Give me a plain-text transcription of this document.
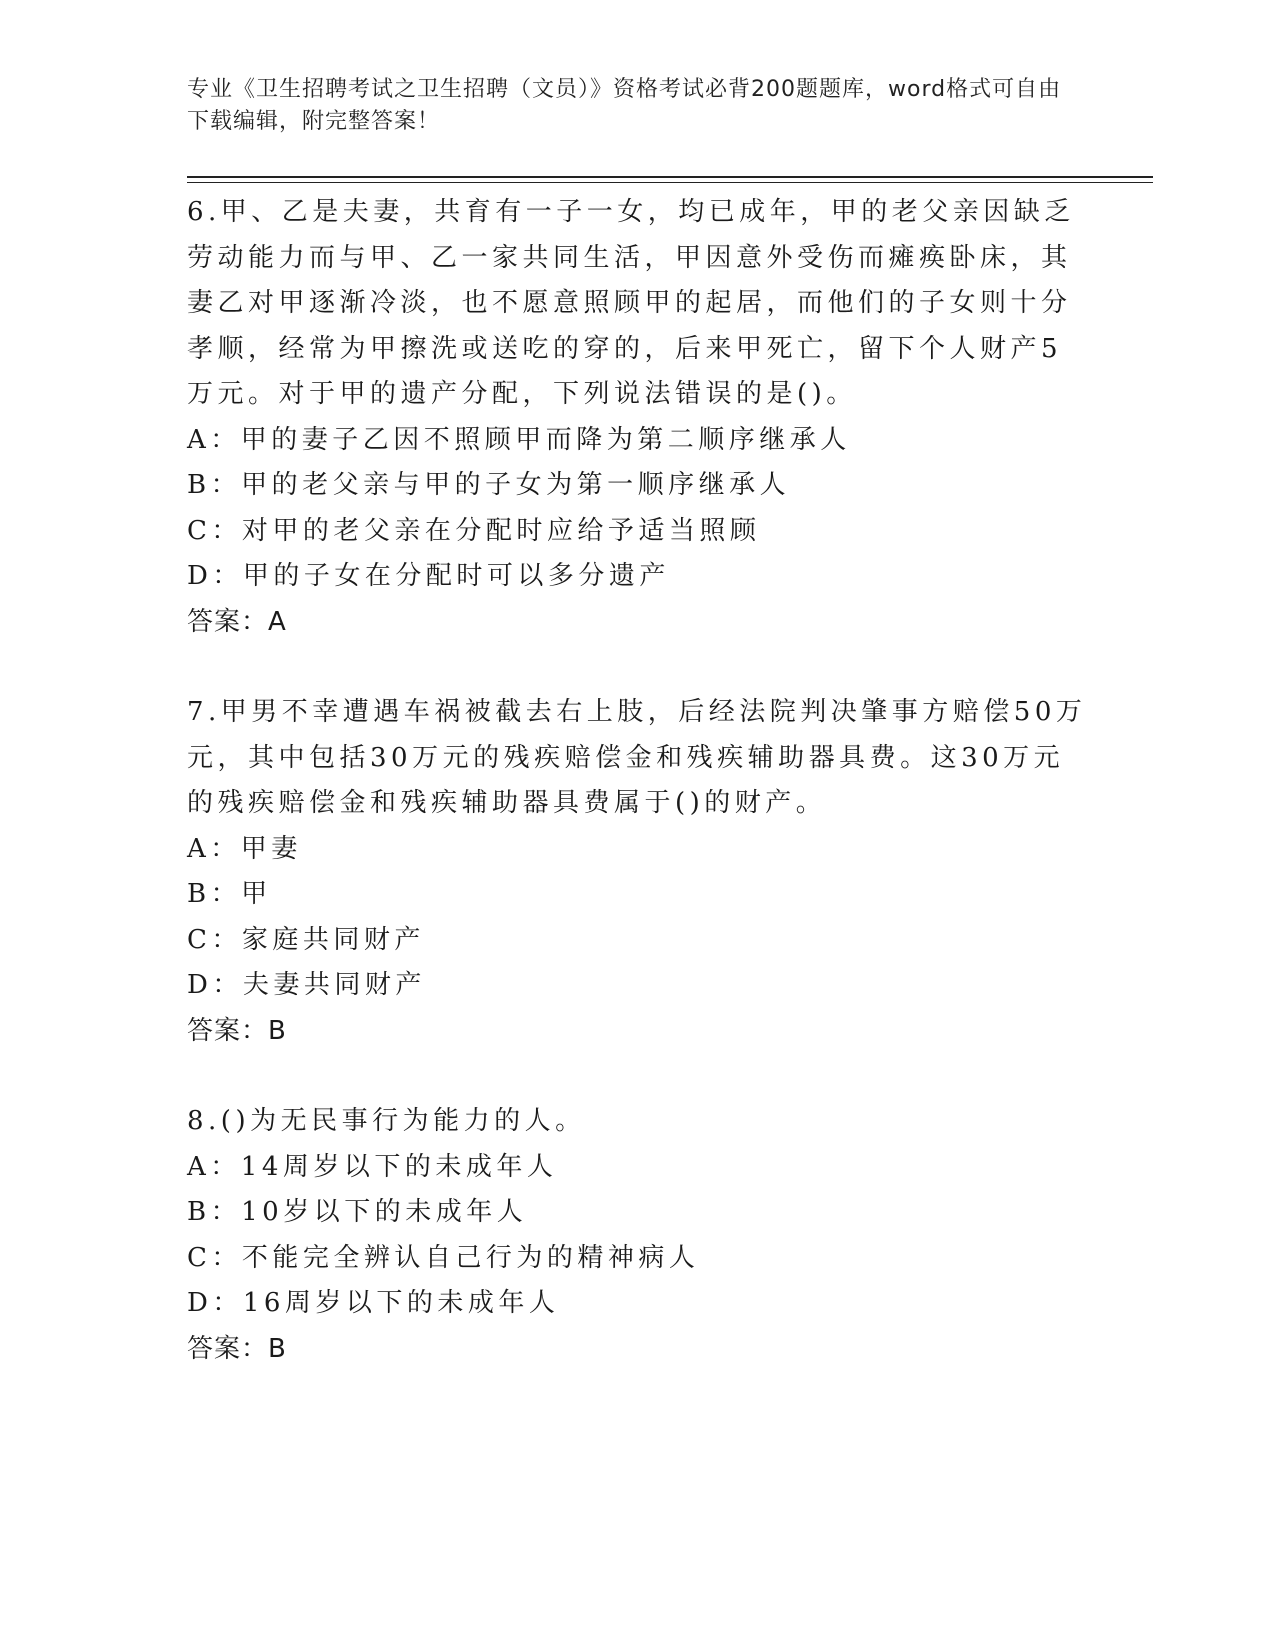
专业《卫生招聘考试之卫生招聘（文员）》资格考试必背200题题库，word格式可自由下载编辑，附完整答案！

6.甲、乙是夫妻，共育有一子一女，均已成年，甲的老父亲因缺乏劳动能力而与甲、乙一家共同生活，甲因意外受伤而瘫痪卧床，其妻乙对甲逐渐冷淡，也不愿意照顾甲的起居，而他们的子女则十分孝顺，经常为甲擦洗或送吃的穿的，后来甲死亡，留下个人财产5万元。对于甲的遗产分配，下列说法错误的是()。

A：甲的妻子乙因不照顾甲而降为第二顺序继承人

B：甲的老父亲与甲的子女为第一顺序继承人

C：对甲的老父亲在分配时应给予适当照顾

D：甲的子女在分配时可以多分遗产

答案：A

7.甲男不幸遭遇车祸被截去右上肢，后经法院判决肇事方赔偿50万元，其中包括30万元的残疾赔偿金和残疾辅助器具费。这30万元的残疾赔偿金和残疾辅助器具费属于()的财产。

A：甲妻

B：甲

C：家庭共同财产

D：夫妻共同财产

答案：B

8.()为无民事行为能力的人。

A：14周岁以下的未成年人

B：10岁以下的未成年人

C：不能完全辨认自己行为的精神病人

D：16周岁以下的未成年人

答案：B
